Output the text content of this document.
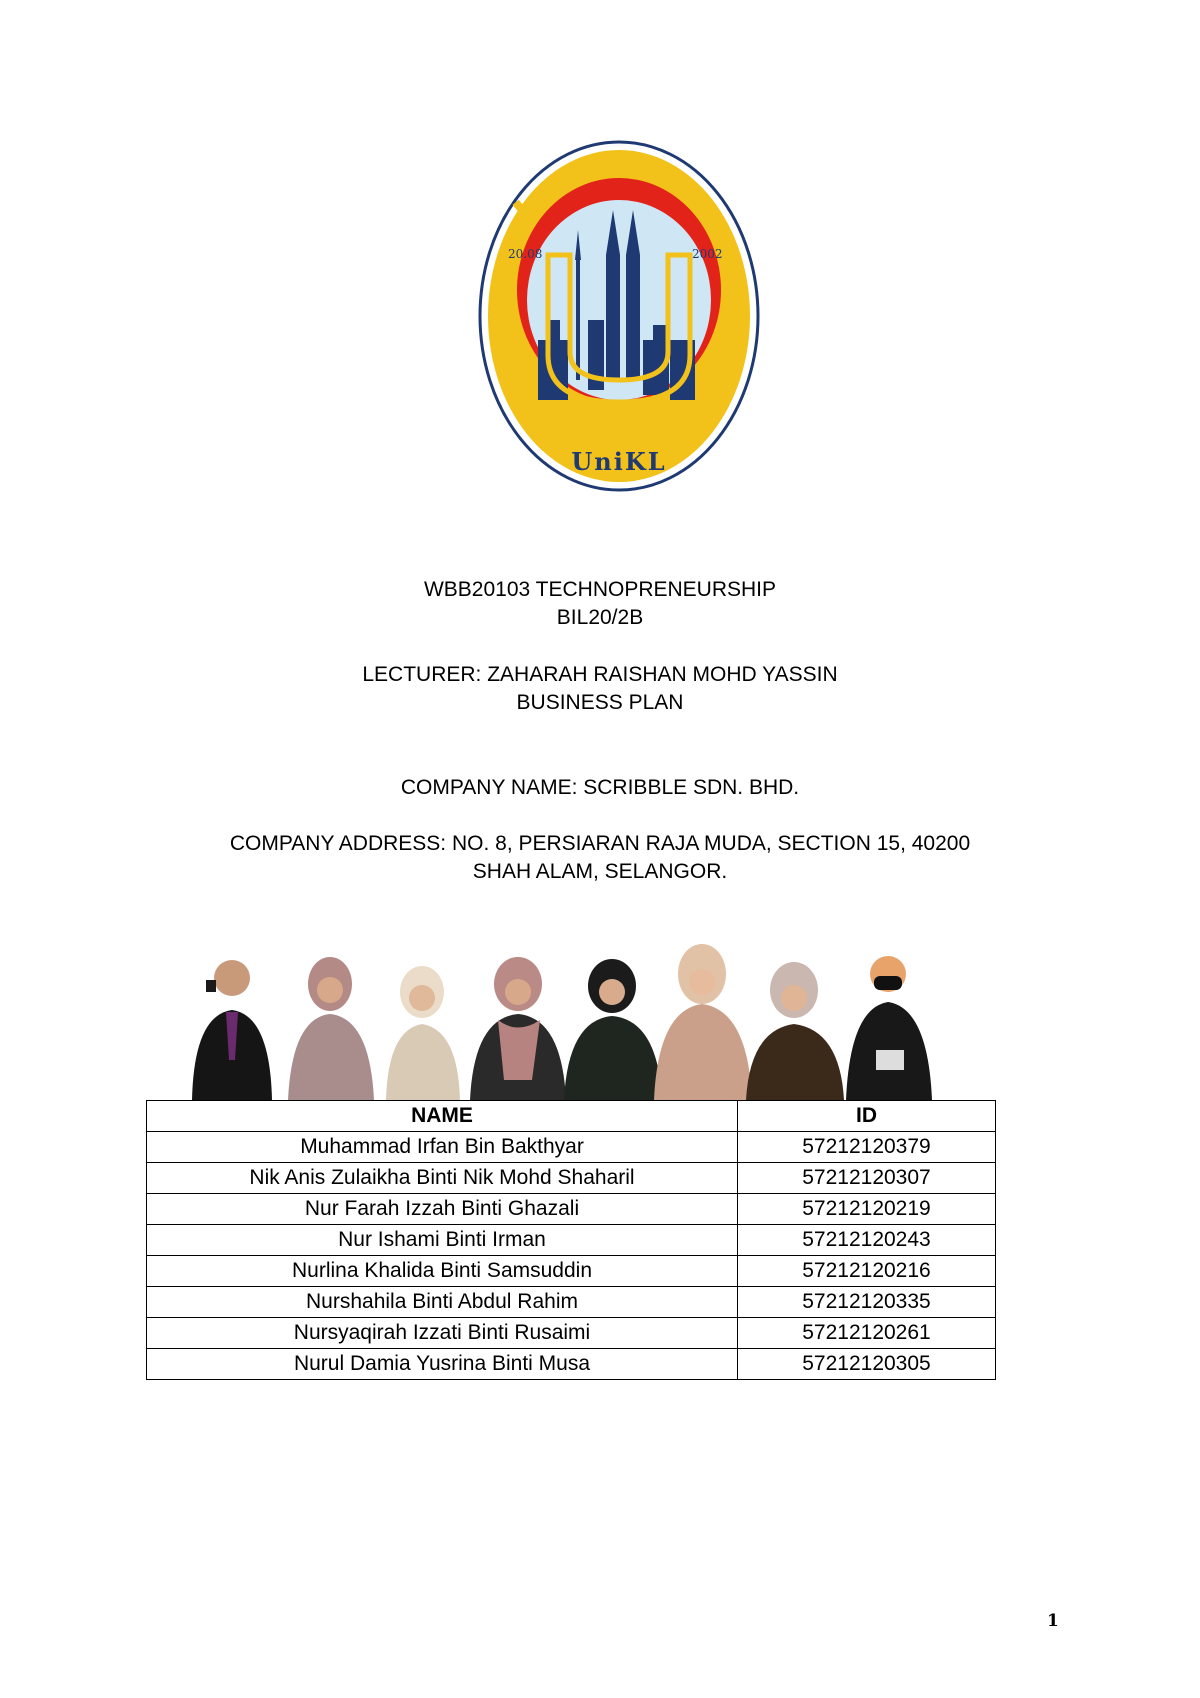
20.08	2002
UniKL
WBB20103 TECHNOPRENEURSHIP
BIL20/2B
LECTURER: ZAHARAH RAISHAN MOHD YASSIN
BUSINESS PLAN
COMPANY NAME: SCRIBBLE SDN. BHD.
COMPANY ADDRESS: NO. 8, PERSIARAN RAJA MUDA, SECTION 15, 40200
SHAH ALAM, SELANGOR.
NAME	ID
Muhammad Irfan Bin Bakthyar	57212120379
Nik Anis Zulaikha Binti Nik Mohd Shaharil	57212120307
Nur Farah Izzah Binti Ghazali	57212120219
Nur Ishami Binti Irman	57212120243
Nurlina Khalida Binti Samsuddin	57212120216
Nurshahila Binti Abdul Rahim	57212120335
Nursyaqirah Izzati Binti Rusaimi	57212120261
Nurul Damia Yusrina Binti Musa	57212120305
1
